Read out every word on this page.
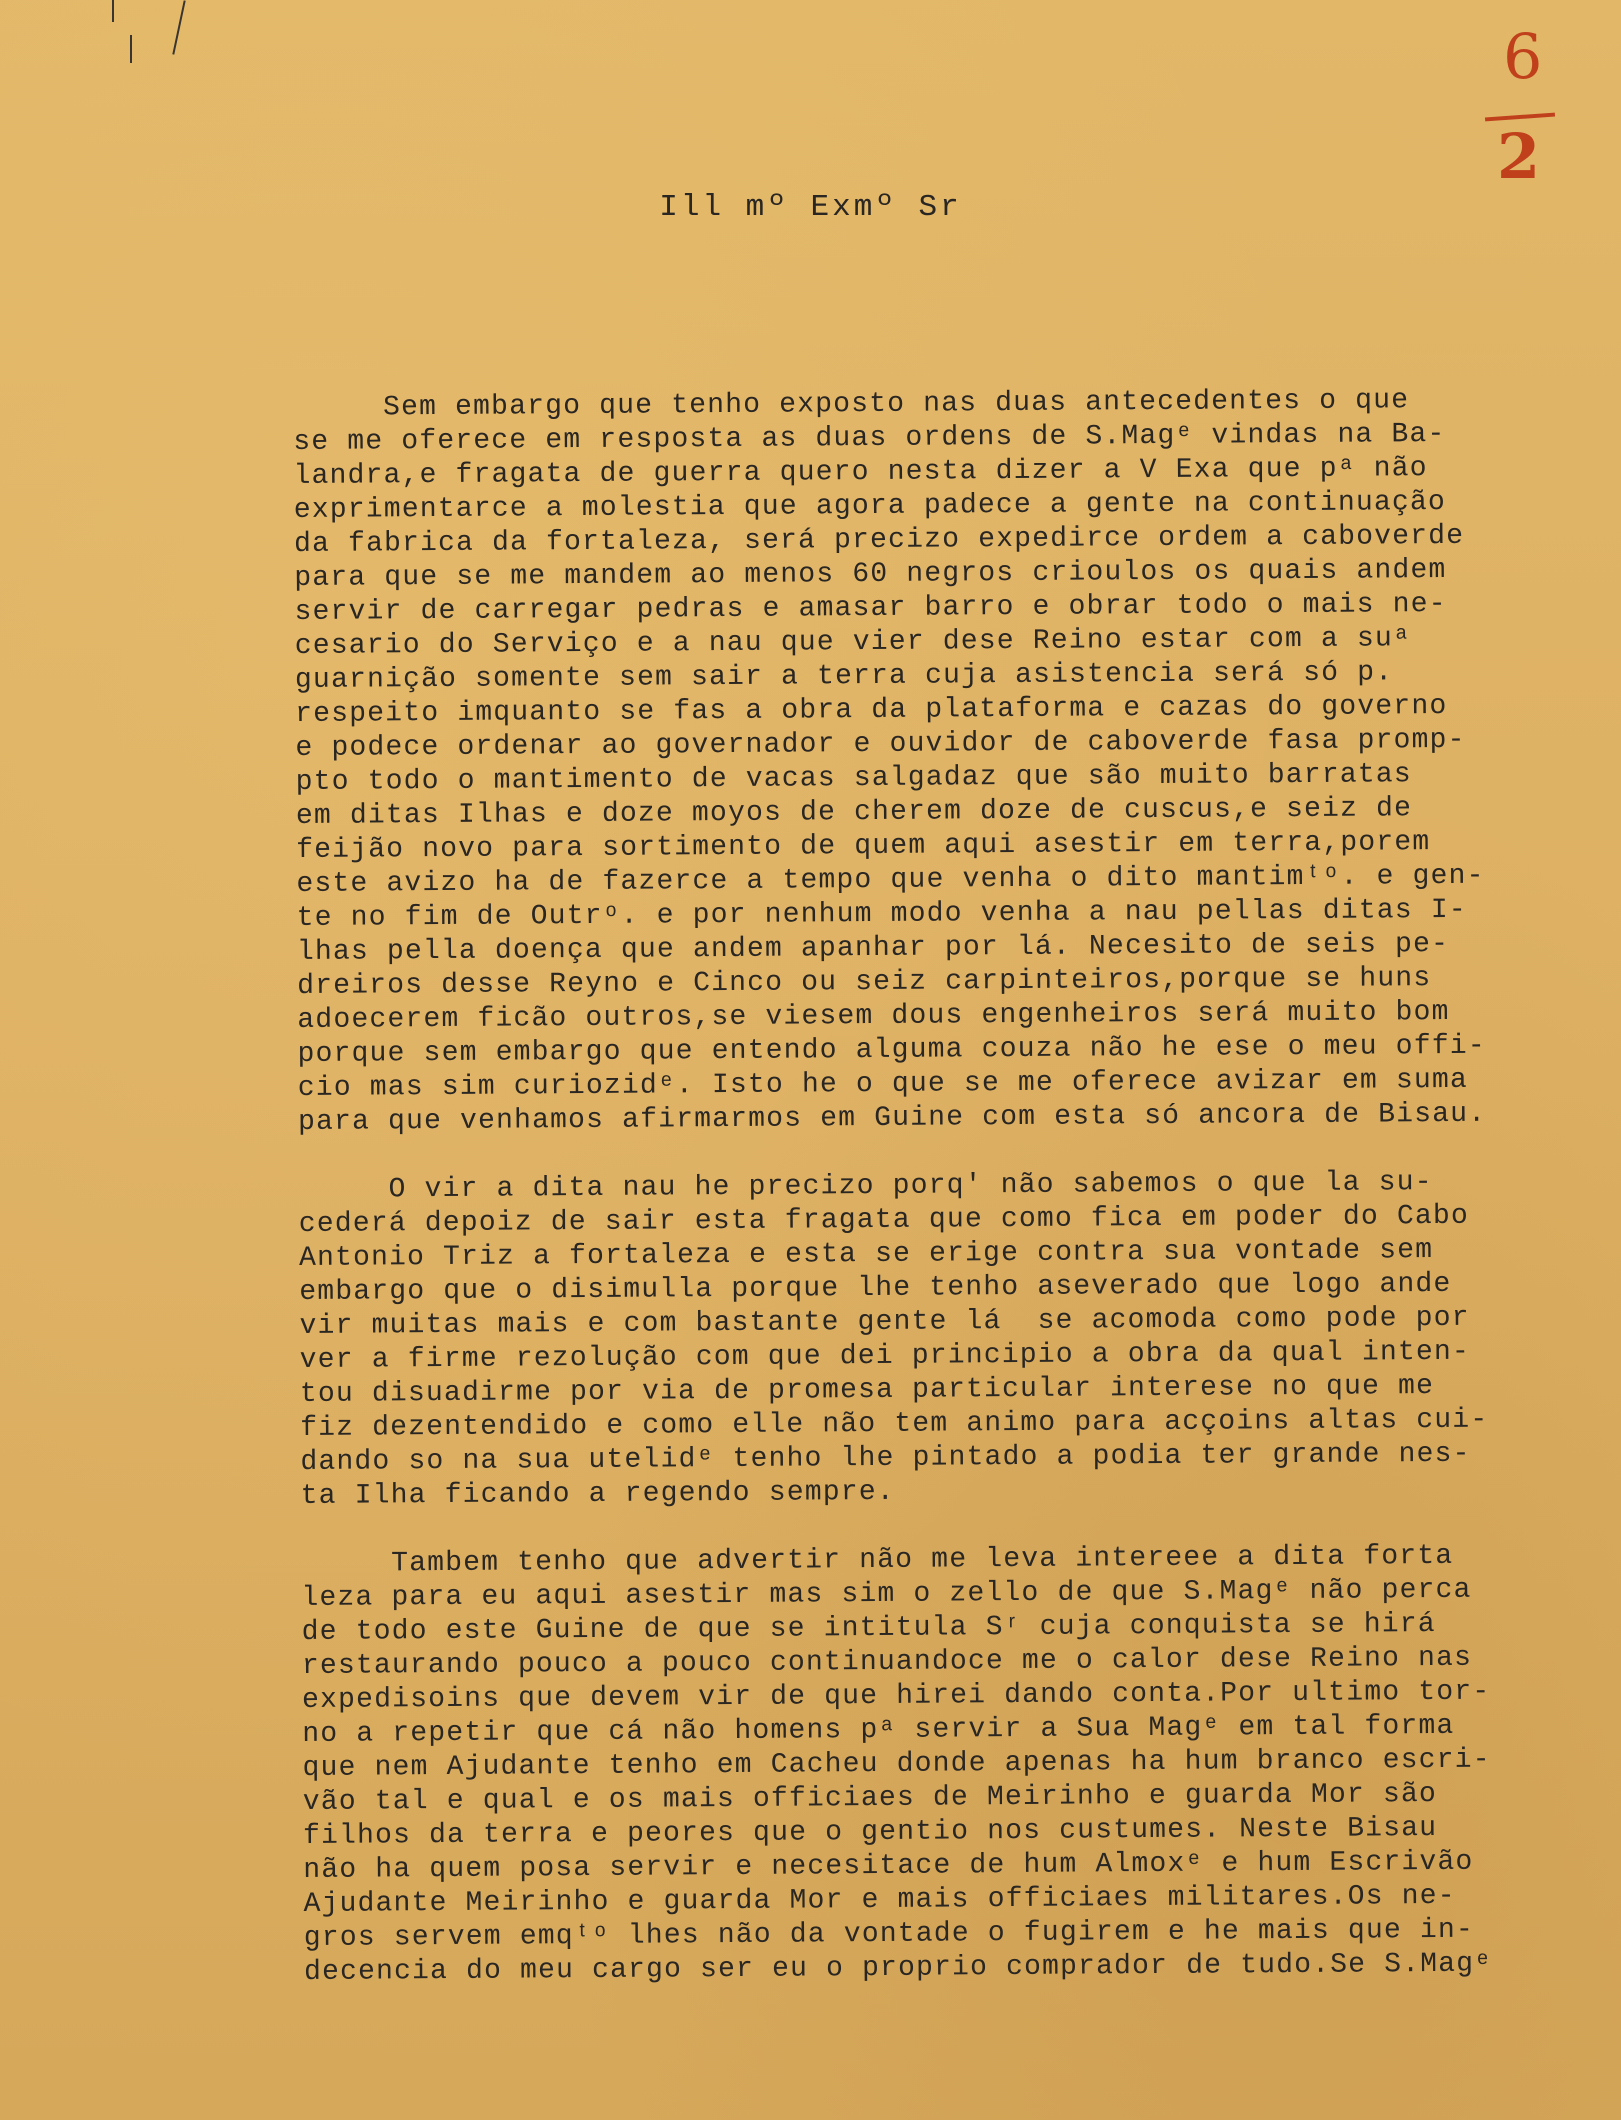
6
2
Ill mº Exmº Sr
Sem embargo que tenho exposto nas duas antecedentes o que
se me oferece em resposta as duas ordens de S.Magᵉ vindas na Ba-
landra,e fragata de guerra quero nesta dizer a V Exa que pᵃ não
exprimentarce a molestia que agora padece a gente na continuação
da fabrica da fortaleza, será precizo expedirce ordem a caboverde
para que se me mandem ao menos 60 negros crioulos os quais andem
servir de carregar pedras e amasar barro e obrar todo o mais ne-
cesario do Serviço e a nau que vier dese Reino estar com a suᵃ
guarnição somente sem sair a terra cuja asistencia será só p.
respeito imquanto se fas a obra da plataforma e cazas do governo
e podece ordenar ao governador e ouvidor de caboverde fasa promp-
pto todo o mantimento de vacas salgadaz que são muito barratas
em ditas Ilhas e doze moyos de cherem doze de cuscus,e seiz de
feijão novo para sortimento de quem aqui asestir em terra,porem
este avizo ha de fazerce a tempo que venha o dito mantimᵗᵒ. e gen-
te no fim de Outrᵒ. e por nenhum modo venha a nau pellas ditas I-
lhas pella doença que andem apanhar por lá. Necesito de seis pe-
dreiros desse Reyno e Cinco ou seiz carpinteiros,porque se huns
adoecerem ficão outros,se viesem dous engenheiros será muito bom
porque sem embargo que entendo alguma couza não he ese o meu offi-
cio mas sim curiozidᵉ. Isto he o que se me oferece avizar em suma
para que venhamos afirmarmos em Guine com esta só ancora de Bisau.
O vir a dita nau he precizo porq' não sabemos o que la su-
cederá depoiz de sair esta fragata que como fica em poder do Cabo
Antonio Triz a fortaleza e esta se erige contra sua vontade sem
embargo que o disimulla porque lhe tenho aseverado que logo ande
vir muitas mais e com bastante gente lá  se acomoda como pode por
ver a firme rezolução com que dei principio a obra da qual inten-
tou disuadirme por via de promesa particular interese no que me
fiz dezentendido e como elle não tem animo para acçoins altas cui-
dando so na sua utelidᵉ tenho lhe pintado a podia ter grande nes-
ta Ilha ficando a regendo sempre.
Tambem tenho que advertir não me leva intereee a dita forta
leza para eu aqui asestir mas sim o zello de que S.Magᵉ não perca
de todo este Guine de que se intitula Sʳ cuja conquista se hirá
restaurando pouco a pouco continuandoce me o calor dese Reino nas
expedisoins que devem vir de que hirei dando conta.Por ultimo tor-
no a repetir que cá não homens pᵃ servir a Sua Magᵉ em tal forma
que nem Ajudante tenho em Cacheu donde apenas ha hum branco escri-
vão tal e qual e os mais officiaes de Meirinho e guarda Mor são
filhos da terra e peores que o gentio nos custumes. Neste Bisau
não ha quem posa servir e necesitace de hum Almoxᵉ e hum Escrivão
Ajudante Meirinho e guarda Mor e mais officiaes militares.Os ne-
gros servem emqᵗᵒ lhes não da vontade o fugirem e he mais que in-
decencia do meu cargo ser eu o proprio comprador de tudo.Se S.Magᵉ
